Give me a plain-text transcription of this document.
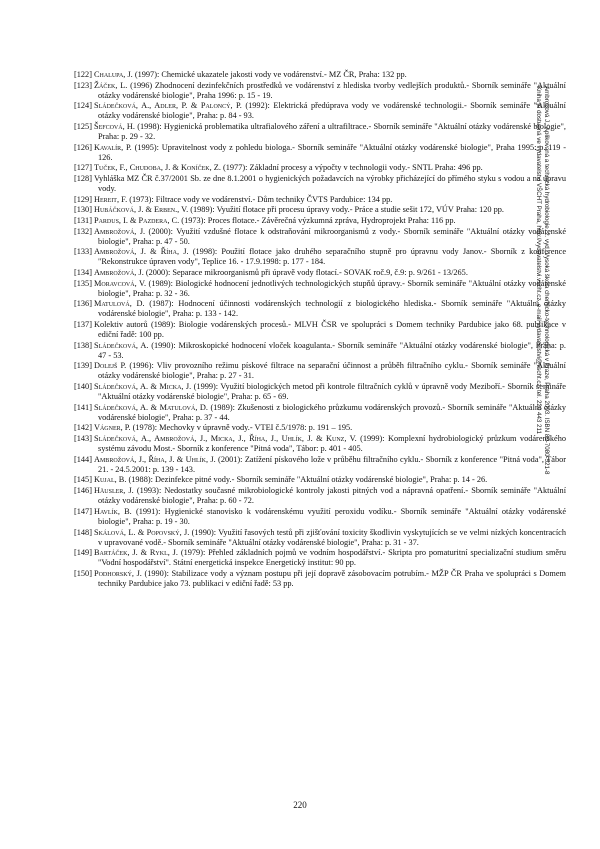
[122] Chalupa, J. (1997): Chemické ukazatele jakosti vody ve vodárenství.- MZ ČR, Praha: 132 pp.
[123] Žáček, L. (1996) Zhodnocení dezinfekčních prostředků ve vodárenství z hlediska tvorby vedlejších produktů.- Sborník semináře "Aktuální otázky vodárenské biologie", Praha 1996: p. 15 - 19.
[124] Sládečková, A., Adler, P. & Paloncý, P. (1992): Elektrická předúprava vody ve vodárenské technologii.- Sborník semináře "Aktuální otázky vodárenské biologie", Praha: p. 84 - 93.
[125] Šefcová, H. (1998): Hygienická problematika ultrafialového záření a ultrafiltrace.- Sborník semináře "Aktuální otázky vodárenské biologie", Praha: p. 29 - 32.
[126] Kavalír, P. (1995): Upravitelnost vody z pohledu biologa.- Sborník semináře "Aktuální otázky vodárenské biologie", Praha 1995: p. 119 - 126.
[127] Tuček, F., Chudoba, J. & Koníček, Z. (1977): Základní procesy a výpočty v technologii vody.- SNTL Praha: 496 pp.
[128] Vyhláška MZ ČR č.37/2001 Sb. ze dne 8.1.2001 o hygienických požadavcích na výrobky přicházející do přímého styku s vodou a na úpravu vody.
[129] Hereit, F. (1973): Filtrace vody ve vodárenství.- Dům techniky ČVTS Pardubice: 134 pp.
[130] Hubáčková, J. & Erben., V. (1989): Využití flotace při procesu úpravy vody.- Práce a studie sešit 172, VÚV Praha: 120 pp.
[131] Pardus, I. & Pazdera, C. (1973): Proces flotace.- Závěrečná výzkumná zpráva, Hydroprojekt Praha: 116 pp.
[132] Ambrožová, J. (2000): Využití vzdušné flotace k odstraňování mikroorganismů z vody.- Sborník semináře "Aktuální otázky vodárenské biologie", Praha: p. 47 - 50.
[133] Ambrožová, J. & Říha, J. (1998): Použití flotace jako druhého separačního stupně pro úpravnu vody Janov.- Sborník z konference "Rekonstrukce úpraven vody", Teplice 16. - 17.9.1998: p. 177 - 184.
[134] Ambrožová, J. (2000): Separace mikroorganismů při úpravě vody flotací.- SOVAK roč.9, č.9: p. 9/261 - 13/265.
[135] Moravcová, V. (1989): Biologické hodnocení jednotlivých technologických stupňů úpravy.- Sborník semináře "Aktuální otázky vodárenské biologie", Praha: p. 32 - 36.
[136] Matulová, D. (1987): Hodnocení účinnosti vodárenských technologií z biologického hlediska.- Sborník semináře "Aktuální otázky vodárenské biologie", Praha: p. 133 - 142.
[137] Kolektiv autorů (1989): Biologie vodárenských procesů.- MLVH ČSR ve spolupráci s Domem techniky Pardubice jako 68. publikace v ediční řadě: 100 pp.
[138] Sládečková, A. (1990): Mikroskopické hodnocení vloček koagulanta.- Sborník semináře "Aktuální otázky vodárenské biologie", Praha: p. 47 - 53.
[139] Dolejš P. (1996): Vliv provozního režimu pískové filtrace na separační účinnost a průběh filtračního cyklu.- Sborník semináře "Aktuální otázky vodárenské biologie", Praha: p. 27 - 31.
[140] Sládečková, A. & Micka, J. (1999): Využití biologických metod při kontrole filtračních cyklů v úpravně vody Meziboří.- Sborník semináře "Aktuální otázky vodárenské biologie", Praha: p. 65 - 69.
[141] Sládečková, A. & Matulová, D. (1989): Zkušenosti z biologického průzkumu vodárenských provozů.- Sborník semináře "Aktuální otázky vodárenské biologie", Praha: p. 37 - 44.
[142] Vágner, P. (1978): Mechovky v úpravně vody.- VTEI č.5/1978: p. 191 – 195.
[143] Sládečková, A., Ambrožová, J., Micka, J., Říha, J., Uhlík, J. & Kunz, V. (1999): Komplexní hydrobiologický průzkum vodárenského systému závodu Most.- Sborník z konference "Pitná voda", Tábor: p. 401 - 405.
[144] Ambrožová, J., Říha, J. & Uhlík, J. (2001): Zatížení pískového lože v průběhu filtračního cyklu.- Sborník z konference "Pitná voda", Tábor 21. - 24.5.2001: p. 139 - 143.
[145] Kujal, B. (1988): Dezinfekce pitné vody.- Sborník semináře "Aktuální otázky vodárenské biologie", Praha: p. 14 - 26.
[146] Häusler, J. (1993): Nedostatky současné mikrobiologické kontroly jakosti pitných vod a nápravná opatření.- Sborník semináře "Aktuální otázky vodárenské biologie", Praha: p. 60 - 72.
[147] Havlík, B. (1991): Hygienické stanovisko k vodárenskému využití peroxidu vodíku.- Sborník semináře "Aktuální otázky vodárenské biologie", Praha: p. 19 - 30.
[148] Skálová, L. & Popovský, J. (1990): Využití řasových testů při zjišťování toxicity škodlivin vyskytujících se ve velmi nízkých koncentracích v upravované vodě.- Sborník semináře "Aktuální otázky vodárenské biologie", Praha: p. 31 - 37.
[149] Bartáček, J. & Rykl, J. (1979): Přehled základních pojmů ve vodním hospodářství.- Skripta pro pomaturitní specializační studium směru "Vodní hospodářství". Státní energetická inspekce Energetický institut: 90 pp.
[150] Podhorský, J. (1990): Stabilizace vody a význam postupu při její dopravě zásobovacím potrubím.- MŽP ČR Praha ve spolupráci s Domem techniky Pardubice jako 73. publikaci v ediční řadě: 53 pp.
Ambrožová J.: Aplikovaná a technická hydrobiologie. 2. vyd. Vysoká škola chemicko-technologická v Praze, Praha 2003. ISBN 80-7080-521-8
Kniha je dostupná ve vydavatelství VŠCHT Praha, http://vydavatelstvi.vscht.cz, e-mail vydavatelstvi@vscht.cz, tel. 220 443 211
220
